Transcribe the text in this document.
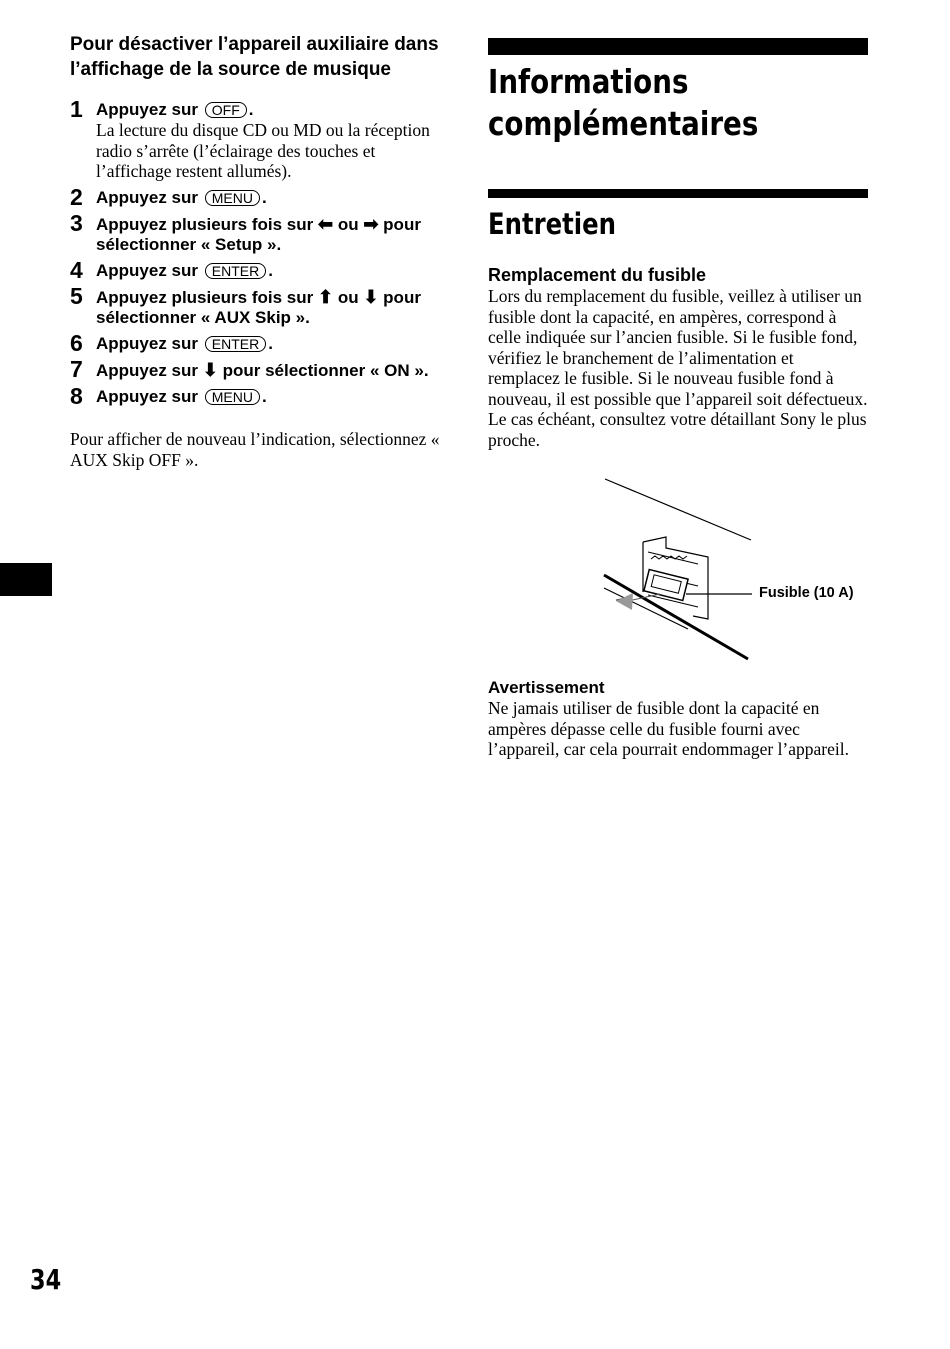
Pour désactiver l’appareil auxiliaire dans l’affichage de la source de musique
1 Appuyez sur OFF .
La lecture du disque CD ou MD ou la réception radio s’arrête (l’éclairage des touches et l’affichage restent allumés).
2 Appuyez sur MENU .
3 Appuyez plusieurs fois sur ⬅ ou ➡ pour sélectionner « Setup ».
4 Appuyez sur ENTER .
5 Appuyez plusieurs fois sur ⬆ ou ⬇ pour sélectionner « AUX Skip ».
6 Appuyez sur ENTER .
7 Appuyez sur ⬇ pour sélectionner « ON ».
8 Appuyez sur MENU .
Pour afficher de nouveau l’indication, sélectionnez « AUX Skip OFF ».
Informations complémentaires
Entretien
Remplacement du fusible

Lors du remplacement du fusible, veillez à utiliser un fusible dont la capacité, en ampères, correspond à celle indiquée sur l’ancien fusible. Si le fusible fond, vérifiez le branchement de l’alimentation et remplacez le fusible. Si le nouveau fusible fond à nouveau, il est possible que l’appareil soit défectueux. Le cas échéant, consultez votre détaillant Sony le plus proche.

Fusible (10 A)
Avertissement

Ne jamais utiliser de fusible dont la capacité en ampères dépasse celle du fusible fourni avec l’appareil, car cela pourrait endommager l’appareil.

34
